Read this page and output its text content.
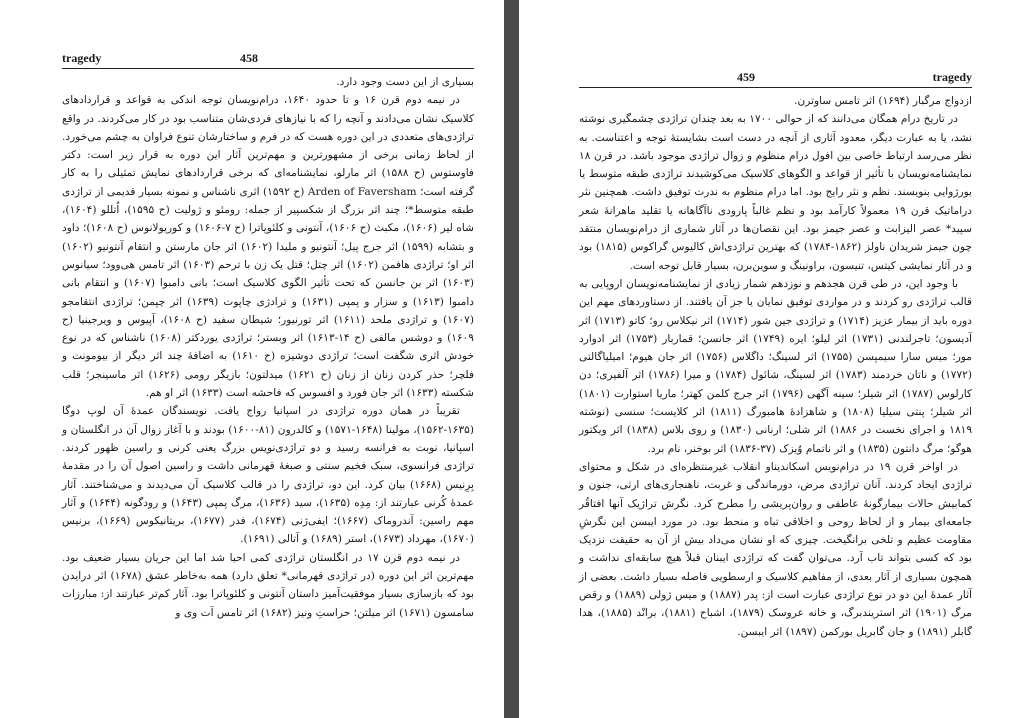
tragedy	458

بسیاری از این دست وجود دارد.

در نیمه دوم قرن ۱۶ و تا حدود ۱۶۴۰، درام‌نویسان توجه اندکی به قواعد و قراردادهای کلاسیک نشان می‌دادند و آنچه را که با نیازهای فردی‌شان متناسب بود در کار می‌کردند. در واقع تراژدی‌های متعددی در این دوره هست که در فرم و ساختارشان تنوع فراوان به چشم می‌خورد. از لحاظ زمانی برخی از مشهورترین و مهم‌ترین آثار این دوره به قرار زیر است: دکتر فاوستوس (ح ۱۵۸۸) اثر مارلو، نمایشنامه‌ای که برخی قراردادهای نمایش تمثیلی را به کار گرفته است؛ Arden of Faversham (ح ۱۵۹۲) اثری ناشناس و نمونه بسیار قدیمی از تراژدی طبقه متوسط*؛ چند اثر بزرگ از شکسپیر از جمله: رومئو و ژولیت (ح ۱۵۹۵)، اُتللو (۱۶۰۴)، شاه لیر (۱۶۰۶)، مکبث (ح ۱۶۰۶)، آنتونی و کلئوپاترا (ح ۷-۱۶۰۶) و کوریولانوس (ح ۱۶۰۸)؛ داود و بتشابه (۱۵۹۹) اثر جرج پیل؛ آنتونیو و ملیدا (۱۶۰۲) اثر جان مارستن و انتقام آنتونیو (۱۶۰۲) اثر او؛ تراژدی هافمن (۱۶۰۲) اثر چتل؛ قتل یک زن با ترحم (۱۶۰۳) اثر تامس هی‌وود؛ سیانوس (۱۶۰۳) اثر بن جانسن که تحت تأثیر الگوی کلاسیک است؛ بانی دامبوا (۱۶۰۷) و انتقام بانی دامبوا (۱۶۱۳) و سزار و پمپی (۱۶۳۱) و ترادژی چاپوت (۱۶۳۹) اثر چپمن؛ تراژدی انتقامجو (۱۶۰۷) و تراژدی ملحد (۱۶۱۱) اثر تورنیور؛ شیطان سفید (ح ۱۶۰۸)، آپیوس و ویرجینیا (ح ۱۶۰۹) و دوشس مالفی (ح ۱۴-۱۶۱۳) اثر وبستر؛ تراژدی یوردکتر (۱۶۰۸) ناشناس که در نوع خودش اثری شگفت است؛ تراژدی دوشیزه (ح ۱۶۱۰) به اضافهٔ چند اثر دیگر از بیومونت و فلچر؛ حذر کردن زنان از زنان (ح ۱۶۲۱) میدلتون؛ بازیگر رومی (۱۶۲۶) اثر ماسینجر؛ قلب شکسته (۱۶۳۳) اثر جان فورد و افسوس که فاحشه است (۱۶۳۳) اثر او هم.

تقریباً در همان دوره تراژدی در اسپانیا رواج یافت. نویسندگان عمدهٔ آن لوپ دوگا (۱۶۳۵-۱۵۶۲)، مولینا (۱۶۴۸-۱۵۷۱) و کالدرون (۸۱-۱۶۰۰) بودند و با آغاز زوال آن در انگلستان و اسپانیا، نوبت به فرانسه رسید و دو تراژدی‌نویس بزرگ یعنی کرنی و راسین ظهور کردند. تراژدی فرانسوی، سبک فخیم سنتی و صبغهٔ قهرمانی داشت و راسین اصول آن را در مقدمهٔ بِرِنیس (۱۶۶۸) بیان کرد. این دو، تراژدی را در قالب کلاسیک آن می‌دیدند و می‌شناختند. آثار عمدهٔ کُرنی عبارتند از: مِدِه (۱۶۳۵)، سید (۱۶۳۶)، مرگ پمپی (۱۶۴۳) و رودگونه (۱۶۴۴) و آثار مهم راسین: آندروماک (۱۶۶۷)؛ ایفی‌ژنی (۱۶۷۴)، فدر (۱۶۷۷)، بریتانیکوس (۱۶۶۹)، برنیس (۱۶۷۰)، مهرداد (۱۶۷۳)، استر (۱۶۸۹) و آتالی (۱۶۹۱).

در نیمه دوم قرن ۱۷ در انگلستان تراژدی کمی احیا شد اما این جریان بسیار ضعیف بود. مهم‌ترین اثر این دوره (در تراژدی قهرمانی* تعلق دارد) همه به‌خاطر عشق (۱۶۷۸) اثر درایدن بود که بازسازی بسیار موفقیت‌آمیز داستان آنتونی و کلئوپاترا بود. آثار کم‌تر عبارتند از: مبارزات سامسون (۱۶۷۱) اثر میلتن؛ حراستِ ونیز (۱۶۸۲) اثر تامس آت وی و

459	tragedy

ازدواج مرگبار (۱۶۹۴) اثر تامس ساوترن.

در تاریخ درام همگان می‌دانند که از حوالی ۱۷۰۰ به بعد چندان تراژدی چشمگیری نوشته نشد، یا به عبارت دیگر، معدود آثاری از آنچه در دست است بشایستهٔ توجه و اعتناست. به نظر می‌رسد ارتباط خاصی بین افول درام منظوم و زوال تراژدی موجود باشد. در قرن ۱۸ نمایشنامه‌نویسان با تأثیر از قواعد و الگوهای کلاسیک می‌کوشیدند تراژدی طبقه متوسط یا بورژوایی بنویسند. نظم و نثر رایج بود. اما درام منظوم به ندرت توفیق داشت. همچنین نثر دراماتیک قرن ۱۹ معمولاً کارآمد بود و نظم غالباً پارودی ناآگاهانه یا تقلید ماهرانهٔ شعر سپید* عصر الیزابت و عصر جیمز بود. این نقصان‌ها در آثار شماری از درام‌نویسان منتقد چون جیمز شریدان ناولز (۱۸۶۲-۱۷۸۴) که بهترین تراژدی‌اش کالیوس گراکوس (۱۸۱۵) بود و در آثار نمایشی کیتس، تنیسون، براونینگ و سوین‌برن، بسیار قابل توجه است.

با وجود این، در طی قرن هجدهم و نوزدهم شمار زیادی از نمایشنامه‌نویسان اروپایی به قالب تراژدی رو کردند و در مواردی توفیق نمایان یا جز آن یافتند. از دستاوردهای مهم این دوره باید از بیمار عزیز (۱۷۱۴) و تراژدی جین شور (۱۷۱۴) اثر نیکلاس رو؛ کاتو (۱۷۱۳) اثر آدیسون؛ تاجرلندنی (۱۷۳۱) اثر لیلو؛ ایره (۱۷۴۹) اثر جانسن؛ قماربار (۱۷۵۳) اثر ادوارد مور؛ میس سارا سیمپسن (۱۷۵۵) اثر لسینگ؛ داگلاس (۱۷۵۶) اثر جان هیوم؛ امیلیاگالتی (۱۷۷۲) و ناتان خردمند (۱۷۸۳) اثر لسینگ، شائول (۱۷۸۴) و میرا (۱۷۸۶) اثر آلفیری؛ دن کارلوس (۱۷۸۷) اثر شیلر؛ سینه آگهی (۱۷۹۶) اثر جرج کلمن کهتر؛ ماریا استوارت (۱۸۰۱) اثر شیلر؛ پنتی سیلیا (۱۸۰۸) و شاهزادهٔ هامبورگ (۱۸۱۱) اثر کلایست؛ سنسی (نوشته ۱۸۱۹ و اجرای نخست در ۱۸۸۶) اثر شلی؛ ارنانی (۱۸۳۰) و روی بلاس (۱۸۳۸) اثر ویکتور هوگو؛ مرگ دانتون (۱۸۳۵) و اثر ناتمام وُیزک (۳۷-۱۸۳۶) اثر بوخنر، نام برد.

در اواخر قرن ۱۹ در درام‌نویس اسکاندیناو انقلاب غیرمنتظره‌ای در شکل و محتوای تراژدی ایجاد کردند. آنان تراژدی مرض، دورماندگی و غربت، ناهنجاری‌های ارثی، جنون و کمابیش حالات بیمارگونهٔ عاطفی و روان‌پریشی را مطرح کرد. نگرش تراژیک آنها افتاقُر جامعه‌ای بیمار و از لحاظ روحی و اخلاقی تباه و منحط بود. در مورد ایبسن این نگرشِ مقاومت عظیم و تلخی برانگیخت. چیزی که او نشان می‌داد بیش از آن به حقیقت نزدیک بود که کسی بتواند تاب آرد. می‌توان گفت که تراژدی ایبنان قبلاً هیچ سابقه‌ای نداشت و همچون بسیاری از آثار بعدی، از مفاهیم کلاسیک و ارسطویی فاصله بسیار داشت. بعضی از آثار عمدهٔ این دو در نوع تراژدی عبارت است از: پدر (۱۸۸۷) و میس ژولی (۱۸۸۹) و رقص مرگ (۱۹۰۱) اثر استریندبرگ، و خانه عروسک (۱۸۷۹)، اشباح (۱۸۸۱)، برانْد (۱۸۸۵)، هدا گابلر (۱۸۹۱) و جان گابریل بورکمن (۱۸۹۷) اثر ایبسن.
